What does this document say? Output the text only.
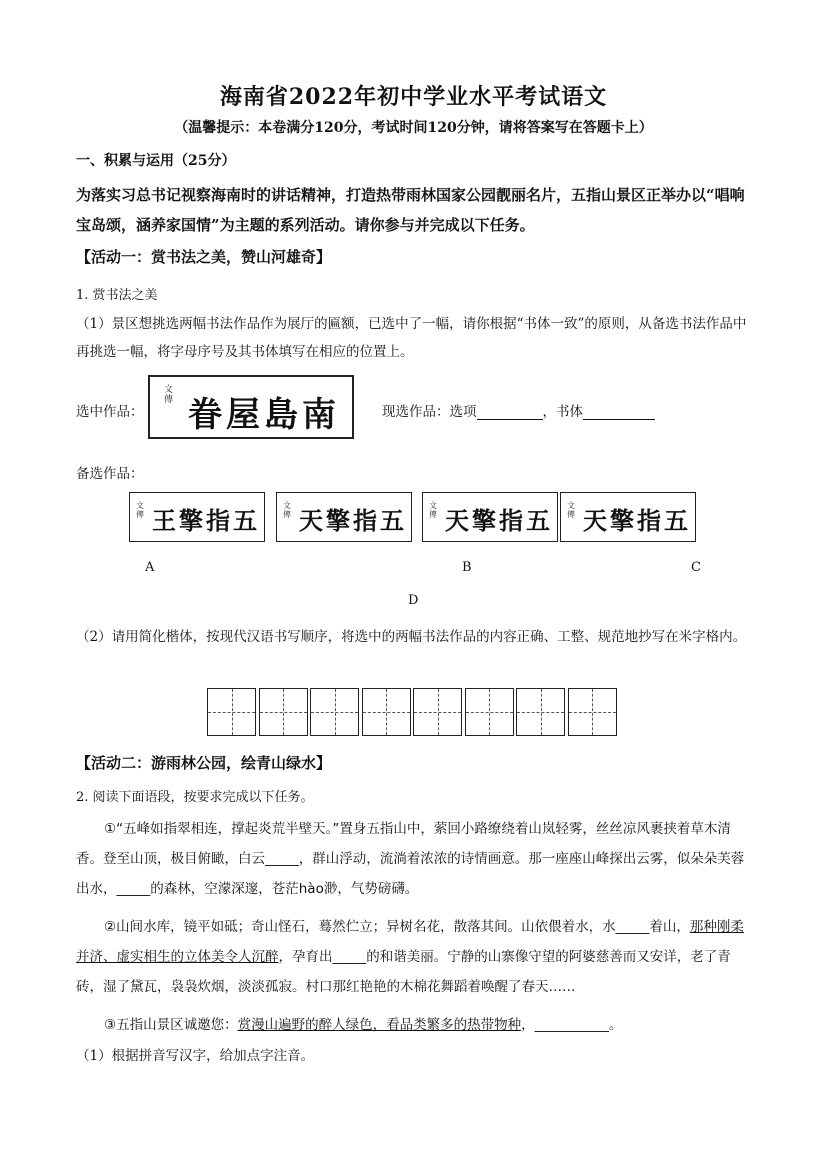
海南省2022年初中学业水平考试语文
（温馨提示：本卷满分120分，考试时间120分钟，请将答案写在答题卡上）
一、积累与运用（25分）
为落实习总书记视察海南时的讲话精神，打造热带雨林国家公园靓丽名片，五指山景区正举办以“唱响宝岛颂，涵养家国情”为主题的系列活动。请你参与并完成以下任务。
【活动一：赏书法之美，赞山河雄奇】
1. 赏书法之美
（1）景区想挑选两幅书法作品作为展厅的匾额，已选中了一幅，请你根据“书体一致”的原则，从备选书法作品中再挑选一幅，将字母序号及其书体填写在相应的位置上。
选中作品：
文傳 眷屋島南	现选作品：选项	，书体
备选作品：
文傳 王擎指五
文傳 天擎指五
文傳 天擎指五
文傳 天擎指五
A	B	C
D
（2）请用简化楷体，按现代汉语书写顺序，将选中的两幅书法作品的内容正确、工整、规范地抄写在米字格内。
【活动二：游雨林公园，绘青山绿水】
2. 阅读下面语段，按要求完成以下任务。
①“五峰如指翠相连，撑起炎荒半壁天。”置身五指山中，萦回小路缭绕着山岚轻雾，丝丝凉风裹挟着草木清香。登至山顶，极目俯瞰，白云_____，群山浮动，流淌着浓浓的诗情画意。那一座座山峰探出云雾，似朵朵芙蓉出水，_____的森林，空濛深邃，苍茫hào渺，气势磅礴。
②山间水库，镜平如砥；奇山怪石，蓦然伫立；异树名花，散落其间。山依偎着水，水_____着山，那种刚柔并济、虚实相生的立体美令人沉醉，孕育出_____的和谐美丽。宁静的山寨像守望的阿婆慈善而又安详，老了青砖，湿了黛瓦，袅袅炊烟，淡淡孤寂。村口那红艳艳的木棉花舞蹈着唤醒了春天……
③五指山景区诚邀您：赏漫山遍野的醉人绿色，看品类繁多的热带物种，___________。
（1）根据拼音写汉字，给加点字注音。
